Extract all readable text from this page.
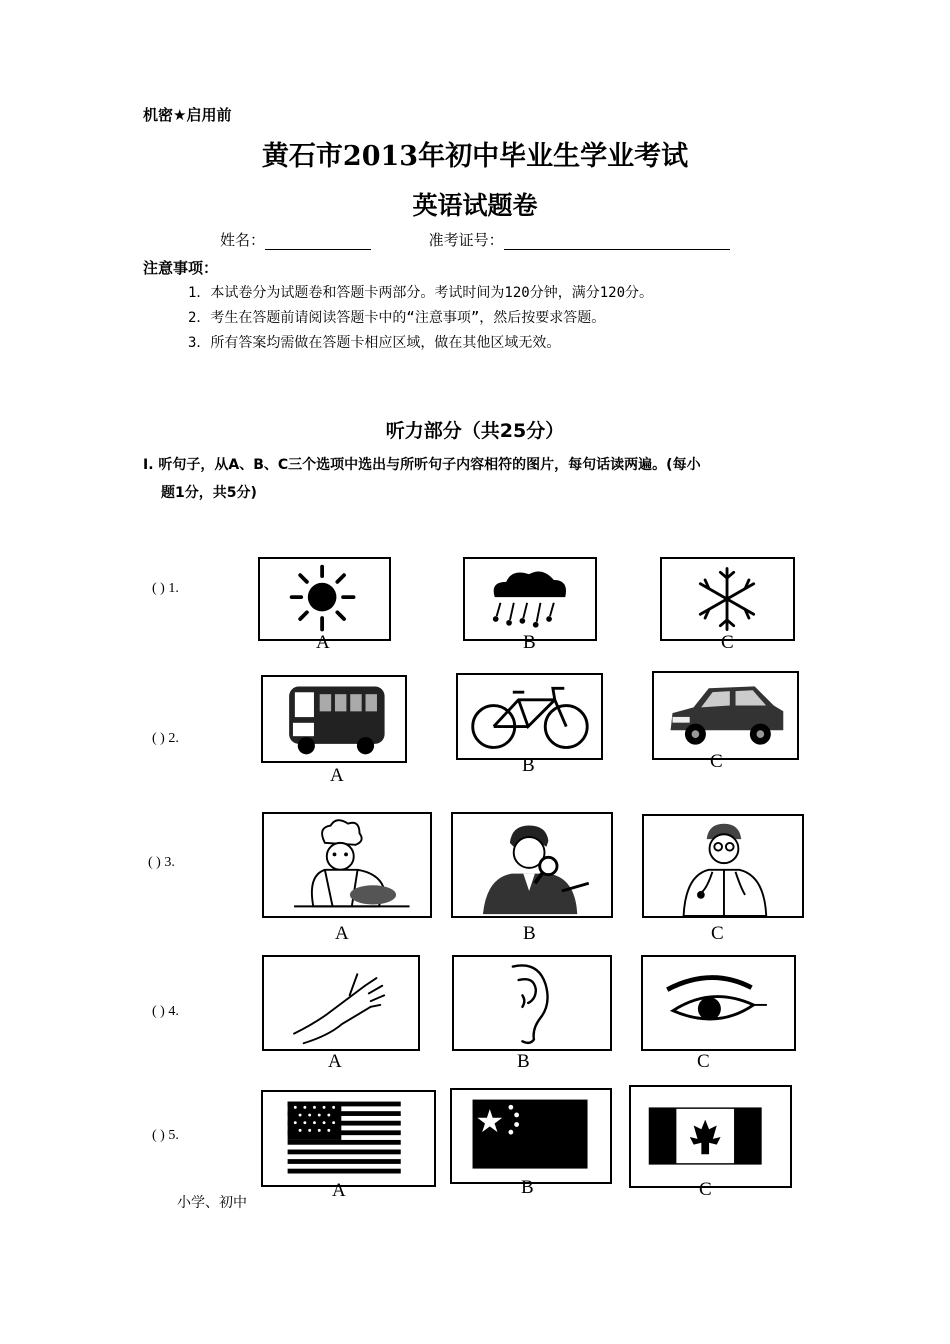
机密★启用前
黄石市2013年初中毕业生学业考试
英语试题卷
姓名：	准考证号：
注意事项：
1．本试卷分为试题卷和答题卡两部分。考试时间为120分钟，满分120分。
2．考生在答题前请阅读答题卡中的“注意事项”，然后按要求答题。
3．所有答案均需做在答题卡相应区域，做在其他区域无效。
听力部分（共25分）
I. 听句子，从A、B、C三个选项中选出与所听句子内容相符的图片，每句话读两遍。(每小
题1分，共5分)
( ) 1.
A	B	C
( ) 2.
A	B	C
( ) 3.
A	B	C
( ) 4.
A	B	C
( ) 5.
A	B	C
小学、初中
